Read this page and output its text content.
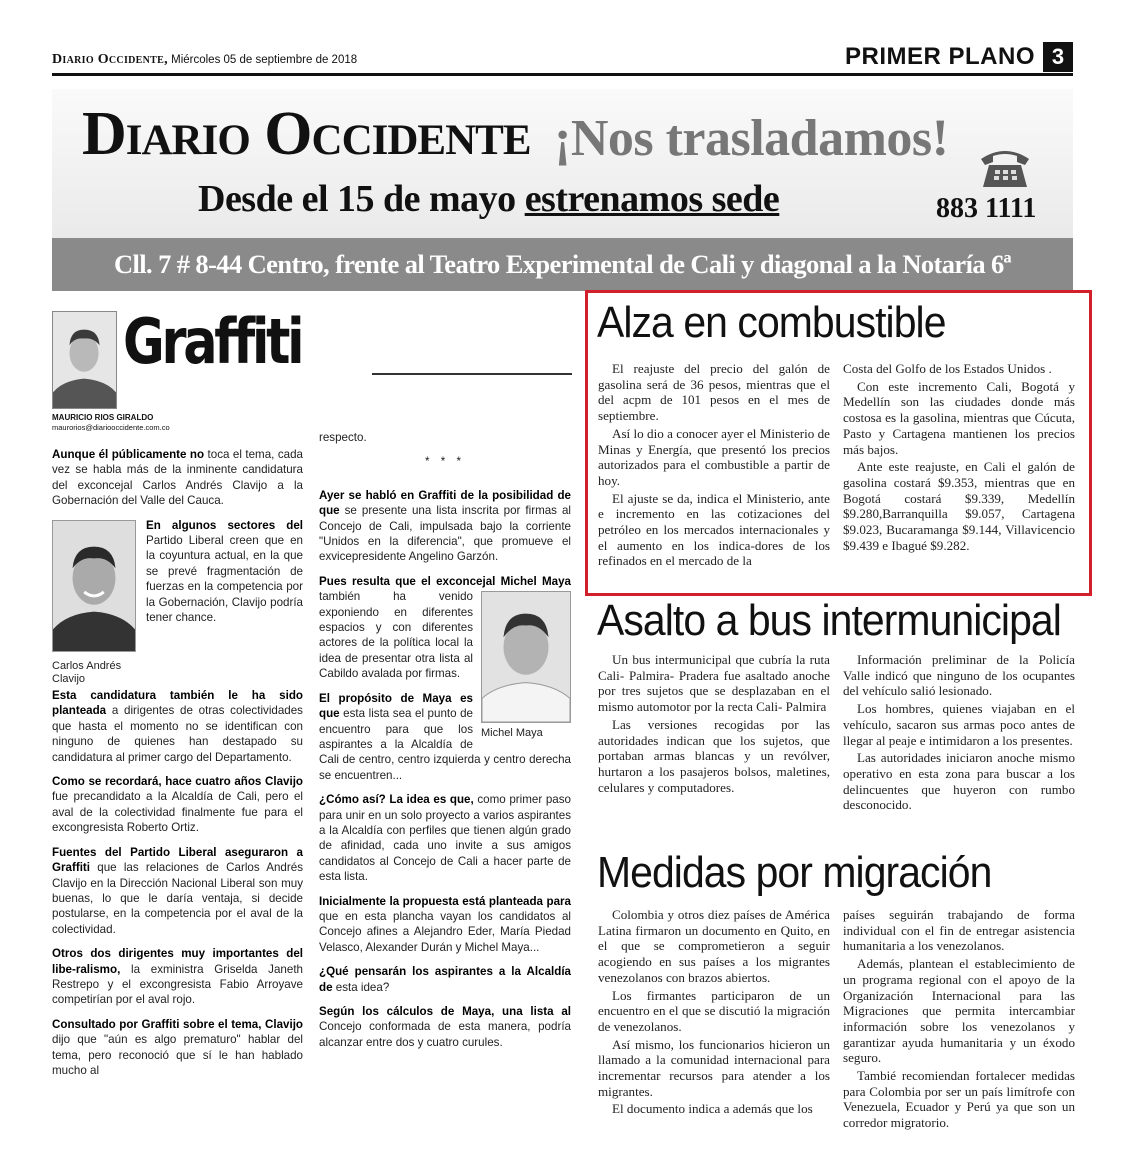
Diario Occidente, Miércoles 05 de septiembre de 2018	PRIMER PLANO 3
Diario Occidente ¡Nos trasladamos!
Desde el 15 de mayo estrenamos sede	883 1111
Cll. 7 # 8-44 Centro, frente al Teatro Experimental de Cali y diagonal a la Notaría 6ª
Graffiti
MAURICIO RIOS GIRALDO
maurorios@diariooccidente.com.co

Aunque él públicamente no toca el tema, cada vez se habla más de la inminente candidatura del exconcejal Carlos Andrés Clavijo a la Gobernación del Valle del Cauca.

Carlos Andrés
Clavijo

En algunos sectores del Partido Liberal creen que en la coyuntura actual, en la que se prevé fragmentación de fuerzas en la competencia por la Gobernación, Clavijo podría tener chance.

Esta candidatura también le ha sido planteada a dirigentes de otras colectividades que hasta el momento no se identifican con ninguno de quienes han destapado su candidatura al primer cargo del Departamento.

Como se recordará, hace cuatro años Clavijo fue precandidato a la Alcaldía de Cali, pero el aval de la colectividad finalmente fue para el excongresista Roberto Ortiz.

Fuentes del Partido Liberal aseguraron a Graffiti que las relaciones de Carlos Andrés Clavijo en la Dirección Nacional Liberal son muy buenas, lo que le daría ventaja, si decide postularse, en la competencia por el aval de la colectividad.

Otros dos dirigentes muy importantes del libe-ralismo, la exministra Griselda Janeth Restrepo y el excongresista Fabio Arroyave competirían por el aval rojo.

Consultado por Graffiti sobre el tema, Clavijo dijo que "aún es algo prematuro" hablar del tema, pero reconoció que sí le han hablado mucho al

respecto.

* * *

Ayer se habló en Graffiti de la posibilidad de que se presente una lista inscrita por firmas al Concejo de Cali, impulsada bajo la corriente "Unidos en la diferencia", que promueve el exvicepresidente Angelino Garzón.

Pues resulta que el exconcejal Michel Maya
Michel Maya
también ha venido exponiendo en diferentes espacios y con diferentes actores de la política local la idea de presentar otra lista al Cabildo avalada por firmas.

El propósito de Maya es que esta lista sea el punto de encuentro para que los aspirantes a la Alcaldía de Cali de centro, centro izquierda y centro derecha se encuentren...

¿Cómo así? La idea es que, como primer paso para unir en un solo proyecto a varios aspirantes a la Alcaldía con perfiles que tienen algún grado de afinidad, cada uno invite a sus amigos candidatos al Concejo de Cali a hacer parte de esta lista.

Inicialmente la propuesta está planteada para que en esta plancha vayan los candidatos al Concejo afines a Alejandro Eder, María Piedad Velasco, Alexander Durán y Michel Maya...

¿Qué pensarán los aspirantes a la Alcaldía de esta idea?

Según los cálculos de Maya, una lista al Concejo conformada de esta manera, podría alcanzar entre dos y cuatro curules.

Alza en combustible

El reajuste del precio del galón de gasolina será de 36 pesos, mientras que el del acpm de 101 pesos en el mes de septiembre.

Así lo dio a conocer ayer el Ministerio de Minas y Energía, que presentó los precios autorizados para el combustible a partir de hoy.

El ajuste se da, indica el Ministerio, ante e incremento en las cotizaciones del petróleo en los mercados internacionales y el aumento en los indica-dores de los refinados en el mercado de la

Costa del Golfo de los Estados Unidos .

Con este incremento Cali, Bogotá y Medellín son las ciudades donde más costosa es la gasolina, mientras que Cúcuta, Pasto y Cartagena mantienen los precios más bajos.

Ante este reajuste, en Cali el galón de gasolina costará $9.353, mientras que en Bogotá costará $9.339, Medellín $9.280,Barranquilla $9.057, Cartagena $9.023, Bucaramanga $9.144, Villavicencio $9.439 e Ibagué $9.282.

Asalto a bus intermunicipal

Un bus intermunicipal que cubría la ruta Cali- Palmira- Pradera fue asaltado anoche por tres sujetos que se desplazaban en el mismo automotor por la recta Cali- Palmira

Las versiones recogidas por las autoridades indican que los sujetos, que portaban armas blancas y un revólver, hurtaron a los pasajeros bolsos, maletines, celulares y computadores.

Información preliminar de la Policía Valle indicó que ninguno de los ocupantes del vehículo salió lesionado.

Los hombres, quienes viajaban en el vehículo, sacaron sus armas poco antes de llegar al peaje e intimidaron a los presentes.

Las autoridades iniciaron anoche mismo operativo en esta zona para buscar a los delincuentes que huyeron con rumbo desconocido.

Medidas por migración

Colombia y otros diez países de América Latina firmaron un documento en Quito, en el que se comprometieron a seguir acogiendo en sus países a los migrantes venezolanos con brazos abiertos.

Los firmantes participaron de un encuentro en el que se discutió la migración de venezolanos.

Así mismo, los funcionarios hicieron un llamado a la comunidad internacional para incrementar recursos para atender a los migrantes.

El documento indica a además que los

países seguirán trabajando de forma individual con el fin de entregar asistencia humanitaria a los venezolanos.

Además, plantean el establecimiento de un programa regional con el apoyo de la Organización Internacional para las Migraciones que permita intercambiar información sobre los venezolanos y garantizar ayuda humanitaria y un éxodo seguro.

Tambié recomiendan fortalecer medidas para Colombia por ser un país limítrofe con Venezuela, Ecuador y Perú ya que son un corredor migratorio.
